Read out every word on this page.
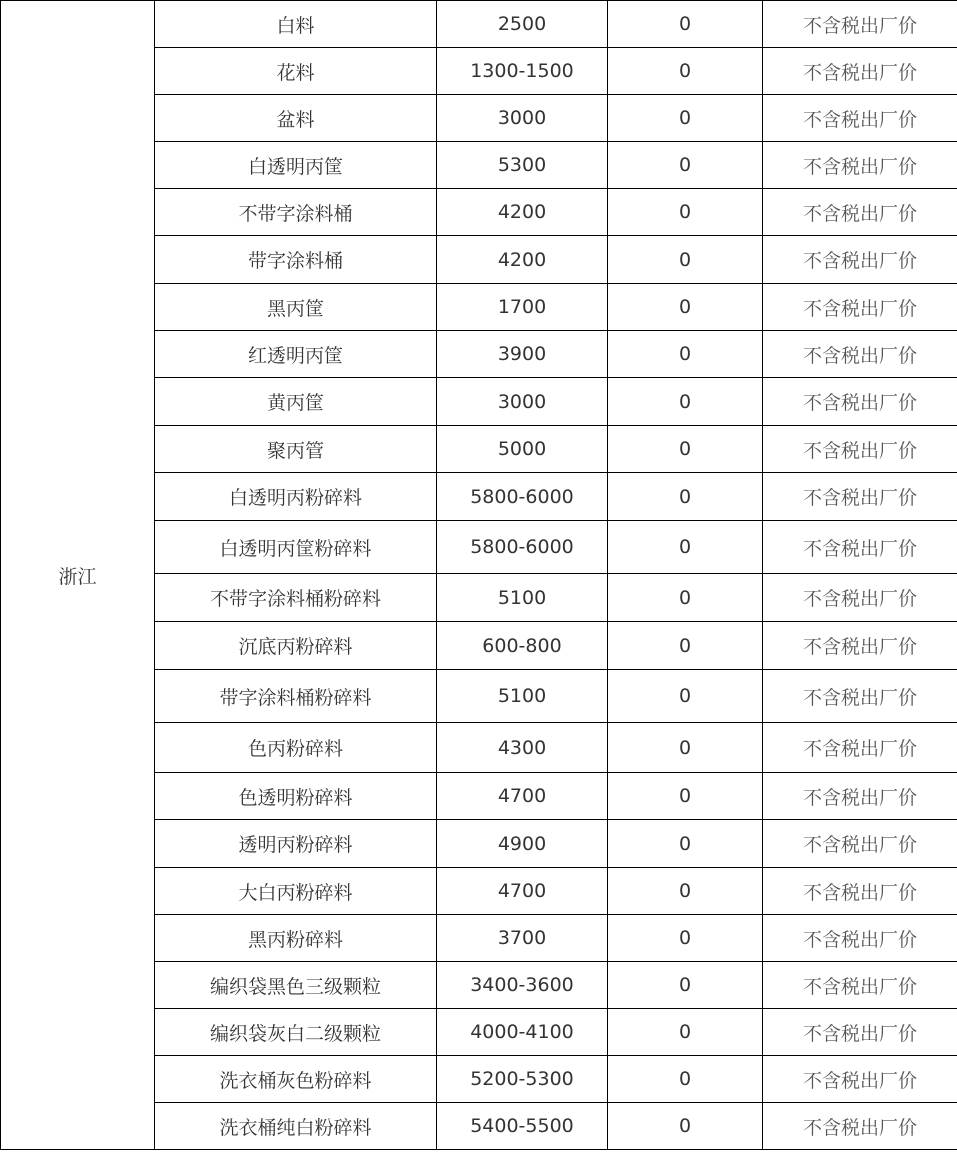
浙江	白料	2500	0	不含税出厂价
	花料	1300-1500	0	不含税出厂价
	盆料	3000	0	不含税出厂价
	白透明丙筐	5300	0	不含税出厂价
	不带字涂料桶	4200	0	不含税出厂价
	带字涂料桶	4200	0	不含税出厂价
	黑丙筐	1700	0	不含税出厂价
	红透明丙筐	3900	0	不含税出厂价
	黄丙筐	3000	0	不含税出厂价
	聚丙管	5000	0	不含税出厂价
	白透明丙粉碎料	5800-6000	0	不含税出厂价
	白透明丙筐粉碎料	5800-6000	0	不含税出厂价
	不带字涂料桶粉碎料	5100	0	不含税出厂价
	沉底丙粉碎料	600-800	0	不含税出厂价
	带字涂料桶粉碎料	5100	0	不含税出厂价
	色丙粉碎料	4300	0	不含税出厂价
	色透明粉碎料	4700	0	不含税出厂价
	透明丙粉碎料	4900	0	不含税出厂价
	大白丙粉碎料	4700	0	不含税出厂价
	黑丙粉碎料	3700	0	不含税出厂价
	编织袋黑色三级颗粒	3400-3600	0	不含税出厂价
	编织袋灰白二级颗粒	4000-4100	0	不含税出厂价
	洗衣桶灰色粉碎料	5200-5300	0	不含税出厂价
	洗衣桶纯白粉碎料	5400-5500	0	不含税出厂价
